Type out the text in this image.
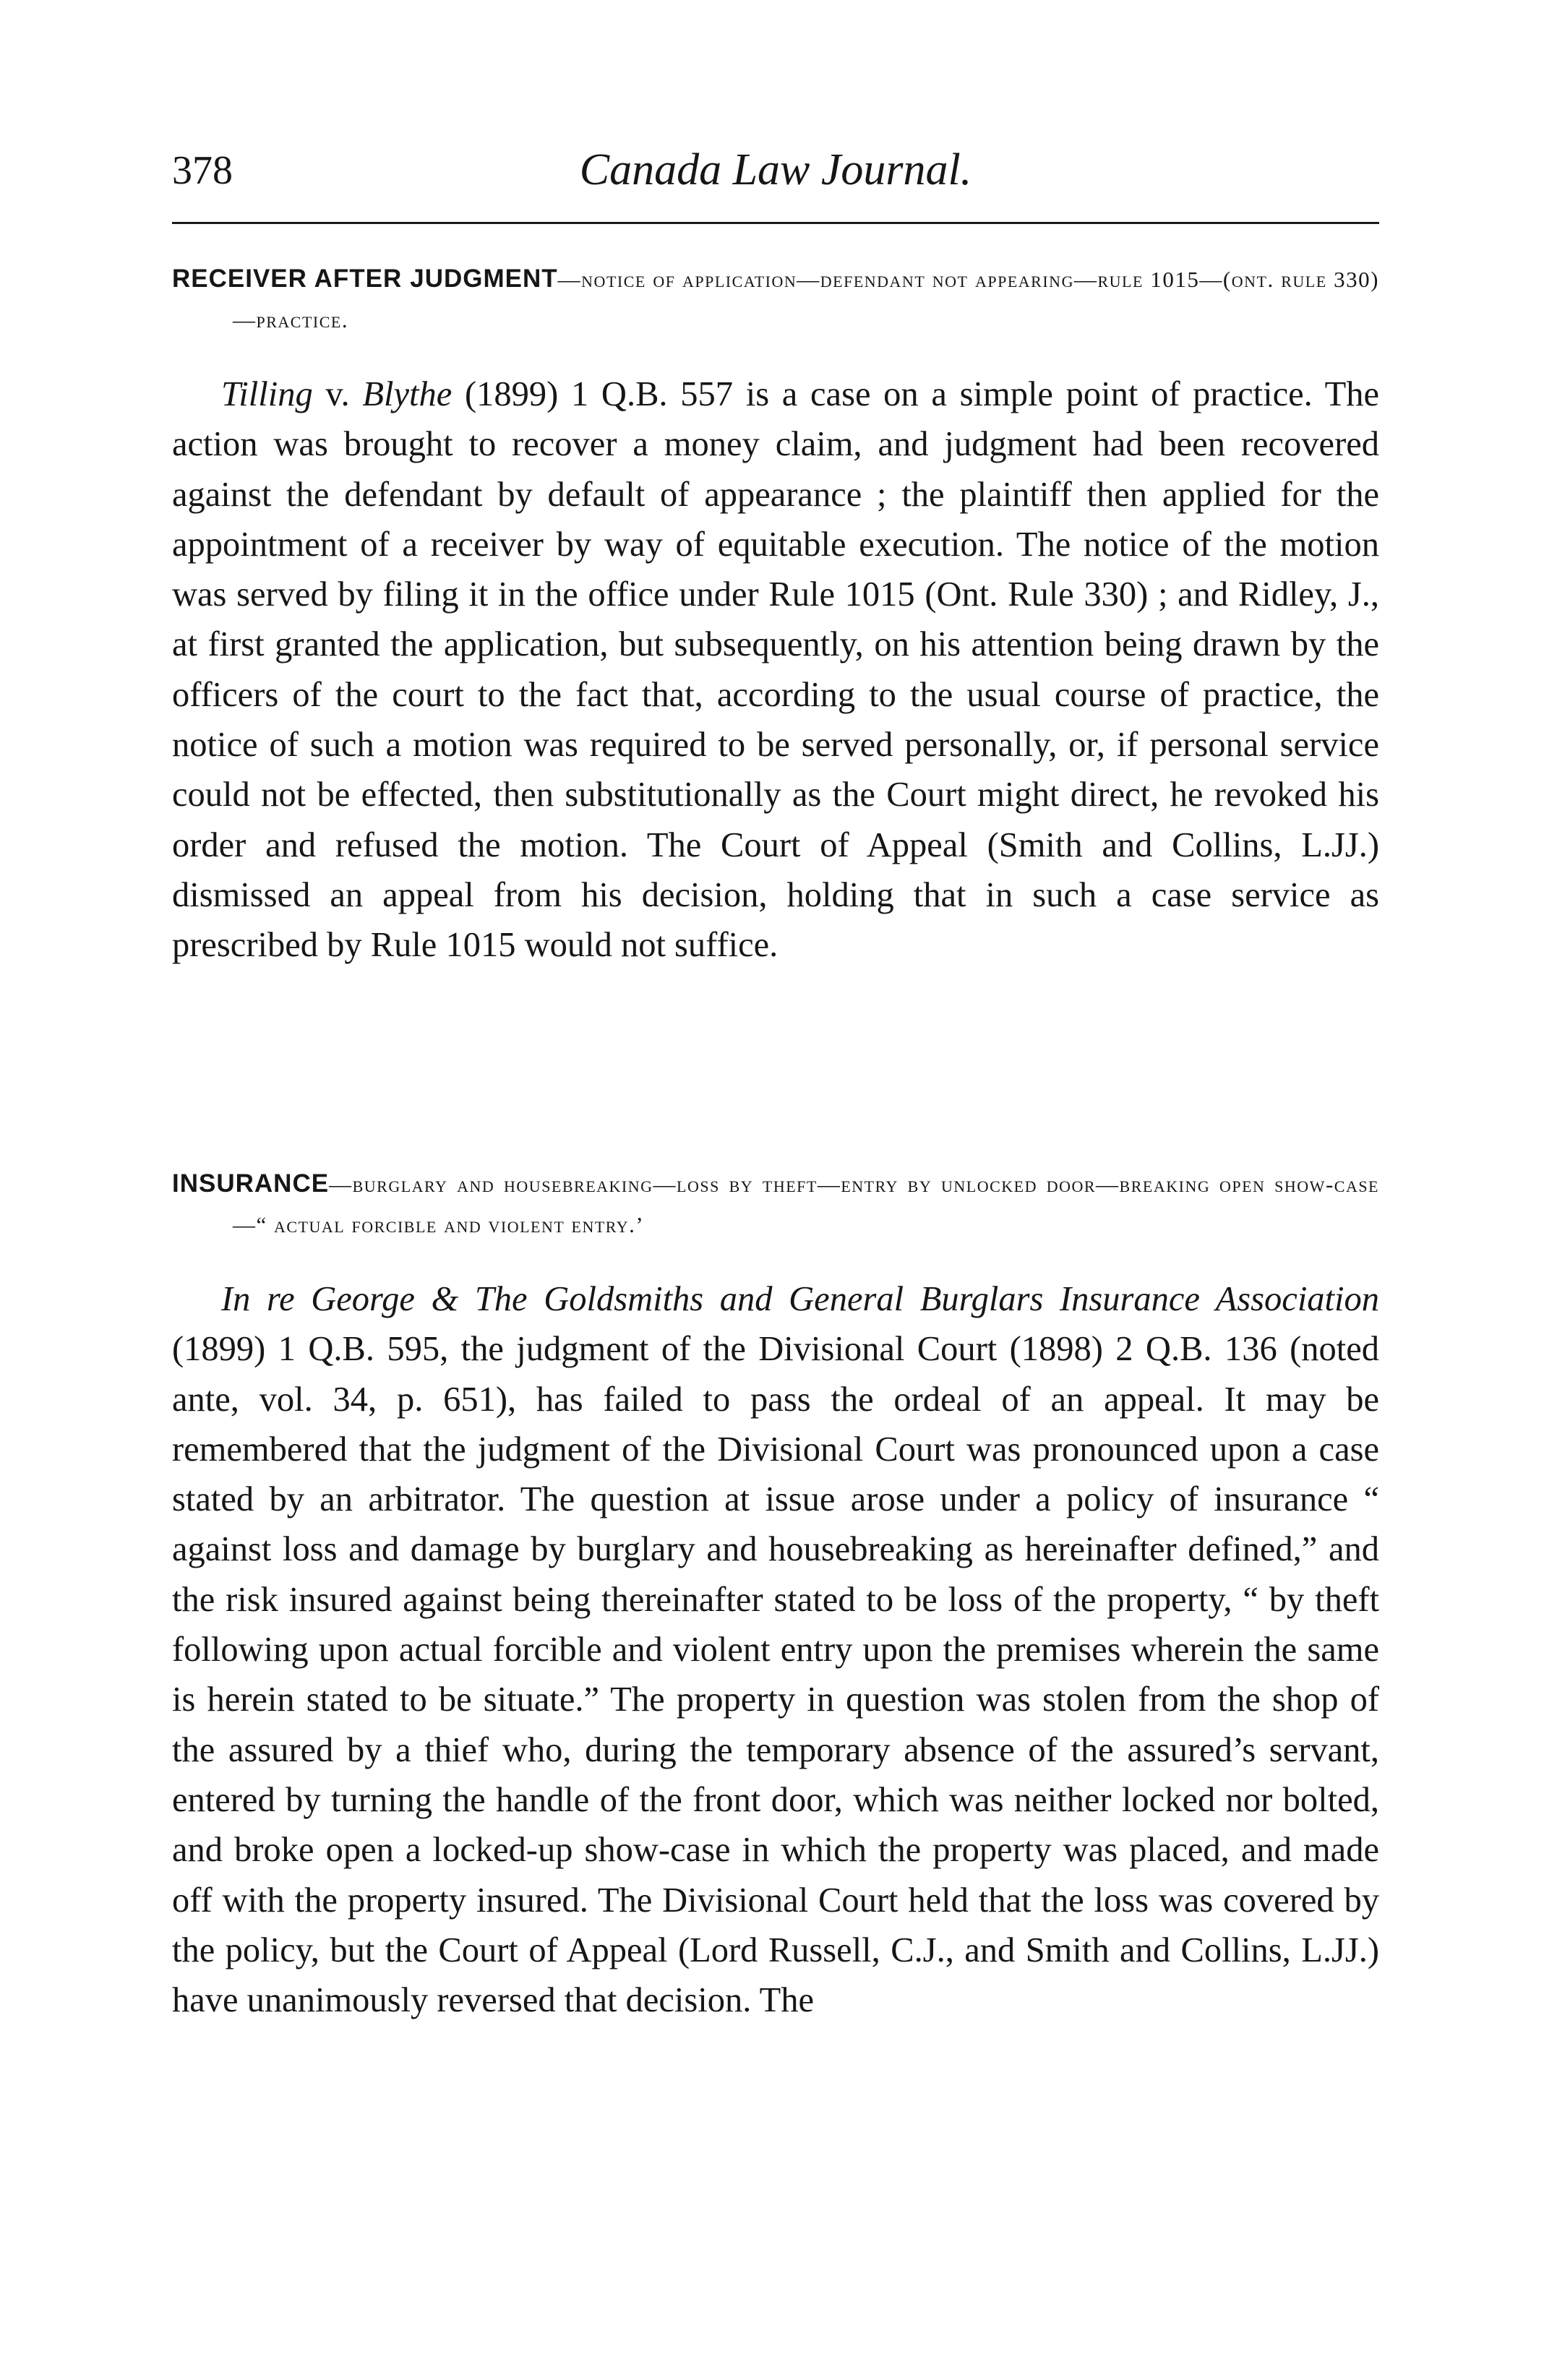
378	Canada Law Journal.
RECEIVER AFTER JUDGMENT—notice of application—defendant not appearing—rule 1015—(ont. rule 330)—practice.

Tilling v. Blythe (1899) 1 Q.B. 557 is a case on a simple point of practice. The action was brought to recover a money claim, and judgment had been recovered against the defendant by default of appearance ; the plaintiff then applied for the appointment of a receiver by way of equitable execution. The notice of the motion was served by filing it in the office under Rule 1015 (Ont. Rule 330) ; and Ridley, J., at first granted the application, but subsequently, on his attention being drawn by the officers of the court to the fact that, according to the usual course of practice, the notice of such a motion was required to be served personally, or, if personal service could not be effected, then substitutionally as the Court might direct, he revoked his order and refused the motion. The Court of Appeal (Smith and Collins, L.JJ.) dismissed an appeal from his decision, holding that in such a case service as prescribed by Rule 1015 would not suffice.

INSURANCE—burglary and housebreaking—loss by theft—entry by unlocked door—breaking open show-case—“ actual forcible and violent entry.’

In re George & The Goldsmiths and General Burglars Insurance Association (1899) 1 Q.B. 595, the judgment of the Divisional Court (1898) 2 Q.B. 136 (noted ante, vol. 34, p. 651), has failed to pass the ordeal of an appeal. It may be remembered that the judgment of the Divisional Court was pronounced upon a case stated by an arbitrator. The question at issue arose under a policy of insurance “ against loss and damage by burglary and housebreaking as hereinafter defined,” and the risk insured against being thereinafter stated to be loss of the property, “ by theft following upon actual forcible and violent entry upon the premises wherein the same is herein stated to be situate.” The property in question was stolen from the shop of the assured by a thief who, during the temporary absence of the assured’s servant, entered by turning the handle of the front door, which was neither locked nor bolted, and broke open a locked-up show-case in which the property was placed, and made off with the property insured. The Divisional Court held that the loss was covered by the policy, but the Court of Appeal (Lord Russell, C.J., and Smith and Collins, L.JJ.) have unanimously reversed that decision. The
